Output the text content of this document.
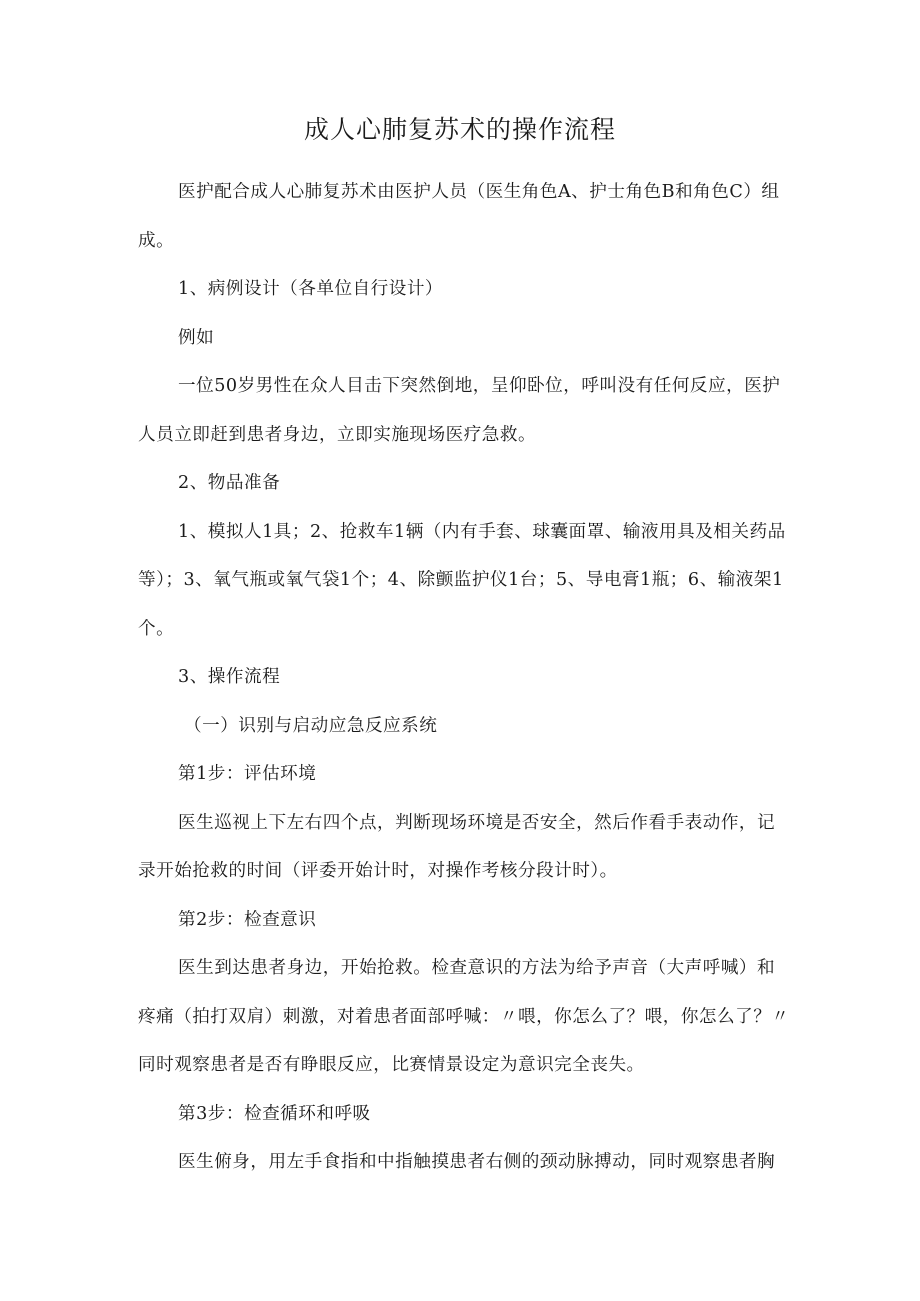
成人心肺复苏术的操作流程

医护配合成人心肺复苏术由医护人员（医生角色A、护士角色B和角色C）组成。

1、病例设计（各单位自行设计）

例如

一位50岁男性在众人目击下突然倒地，呈仰卧位，呼叫没有任何反应，医护人员立即赶到患者身边，立即实施现场医疗急救。

2、物品准备

1、模拟人1具；2、抢救车1辆（内有手套、球囊面罩、输液用具及相关药品等）；3、氧气瓶或氧气袋1个；4、除颤监护仪1台；5、导电膏1瓶；6、输液架1个。

3、操作流程

（一）识别与启动应急反应系统

第1步：评估环境

医生巡视上下左右四个点，判断现场环境是否安全，然后作看手表动作，记录开始抢救的时间（评委开始计时，对操作考核分段计时）。

第2步：检查意识

医生到达患者身边，开始抢救。检查意识的方法为给予声音（大声呼喊）和疼痛（拍打双肩）刺激，对着患者面部呼喊：〃喂，你怎么了？喂，你怎么了？〃同时观察患者是否有睁眼反应，比赛情景设定为意识完全丧失。

第3步：检查循环和呼吸

医生俯身，用左手食指和中指触摸患者右侧的颈动脉搏动，同时观察患者胸
